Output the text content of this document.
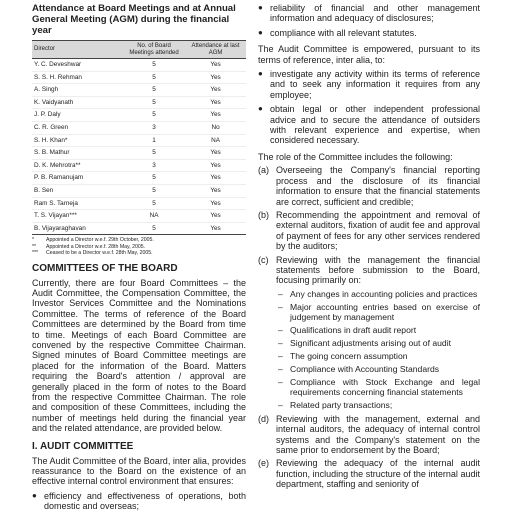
Attendance at Board Meetings and at Annual General Meeting (AGM) during the financial year

Director	No. of Board Meetings attended	Attendance at last AGM
Y. C. Deveshwar	5	Yes
S. S. H. Rehman	5	Yes
A. Singh	5	Yes
K. Vaidyanath	5	Yes
J. P. Daly	5	Yes
C. R. Green	3	No
S. H. Khan*	1	NA
S. B. Mathur	5	Yes
D. K. Mehrotra**	3	Yes
P. B. Ramanujam	5	Yes
B. Sen	5	Yes
Ram S. Tarneja	5	Yes
T. S. Vijayan***	NA	Yes
B. Vijayaraghavan	5	Yes
*	Appointed a Director w.e.f. 29th October, 2005.
**	Appointed a Director w.e.f. 28th May, 2005.
***	Ceased to be a Director w.e.f. 28th May, 2005.

COMMITTEES OF THE BOARD

Currently, there are four Board Committees – the Audit Committee, the Compensation Committee, the Investor Services Committee and the Nominations Committee. The terms of reference of the Board Committees are determined by the Board from time to time. Meetings of each Board Committee are convened by the respective Committee Chairman. Signed minutes of Board Committee meetings are placed for the information of the Board. Matters requiring the Board's attention / approval are generally placed in the form of notes to the Board from the respective Committee Chairman. The role and composition of these Committees, including the number of meetings held during the financial year and the related attendance, are provided below.

I. AUDIT COMMITTEE

The Audit Committee of the Board, inter alia, provides reassurance to the Board on the existence of an effective internal control environment that ensures:

● efficiency and effectiveness of operations, both domestic and overseas;
● reliability of financial and other management information and adequacy of disclosures;
● compliance with all relevant statutes.

The Audit Committee is empowered, pursuant to its terms of reference, inter alia, to:

● investigate any activity within its terms of reference and to seek any information it requires from any employee;
● obtain legal or other independent professional advice and to secure the attendance of outsiders with relevant experience and expertise, when considered necessary.

The role of the Committee includes the following:

(a) Overseeing the Company's financial reporting process and the disclosure of its financial information to ensure that the financial statements are correct, sufficient and credible;
(b) Recommending the appointment and removal of external auditors, fixation of audit fee and approval of payment of fees for any other services rendered by the auditors;
(c) Reviewing with the management the financial statements before submission to the Board, focusing primarily on:
– Any changes in accounting policies and practices
– Major accounting entries based on exercise of judgement by management
– Qualifications in draft audit report
– Significant adjustments arising out of audit
– The going concern assumption
– Compliance with Accounting Standards
– Compliance with Stock Exchange and legal requirements concerning financial statements
– Related party transactions;
(d) Reviewing with the management, external and internal auditors, the adequacy of internal control systems and the Company's statement on the same prior to endorsement by the Board;
(e) Reviewing the adequacy of the internal audit function, including the structure of the internal audit department, staffing and seniority of
